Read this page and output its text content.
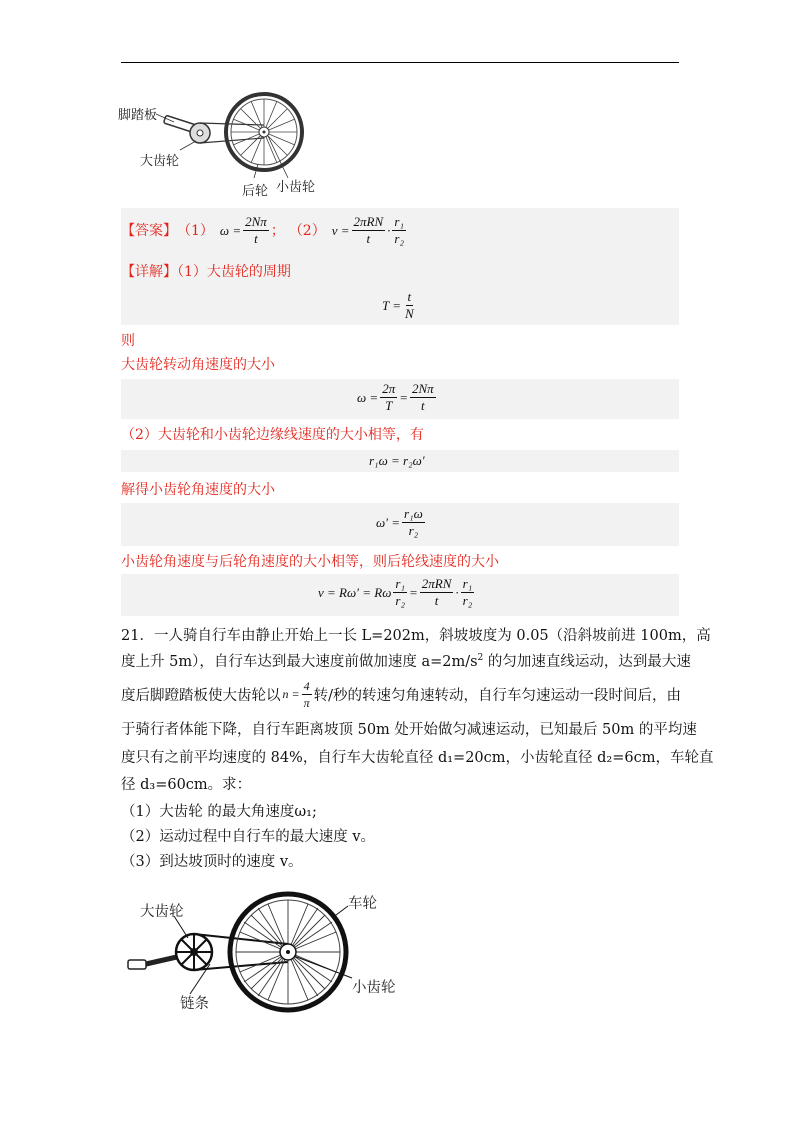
脚踏板
大齿轮
后轮 小齿轮
【答案】 （1） $\omega = \frac{2N\pi}{t}$ ； （2） $v = \frac{\text{2πRN}}{t} \cdot \frac{\text{r₁}}{\text{r₂}}$
【详解】（1）大齿轮的周期
$T = \frac{t}{N}$
则
大齿轮转动角速度的大小
$\omega = \frac{2\pi}{T} = \frac{2N\pi}{t}$
（2）大齿轮和小齿轮边缘线速度的大小相等，有
r₁ω = r₂ω′
解得小齿轮角速度的大小
$\omega' = \frac{\text{r₁ω}}{\text{r₂}}$
小齿轮角速度与后轮角速度的大小相等，则后轮线速度的大小
v = Rω′ = Rω $\frac{\text{r₁}}{\text{r₂}} = \frac{\text{2πRN}}{t} \cdot \frac{\text{r₁}}{\text{r₂}}$
21．一人骑自行车由静止开始上一长 L=202m，斜坡坡度为 0.05（沿斜坡前进 100m，高
度上升 5m），自行车达到最大速度前做加速度 $a=2m/s^2$ 的匀加速直线运动，达到最大速
度后脚蹬踏板使大齿轮以 $n = \frac{4}{\pi}$ 转/秒的转速匀角速转动，自行车匀速运动一段时间后，由
于骑行者体能下降，自行车距离坡顶 50m 处开始做匀减速运动，已知最后 50m 的平均速
度只有之前平均速度的 84%，自行车大齿轮直径 d₁=20cm，小齿轮直径 d₂=6cm，车轮直
径 d₃=60cm。求：
（1）大齿轮 的最大角速度ω₁;
（2）运动过程中自行车的最大速度 v。
（3）到达坡顶时的速度 v。
大齿轮	车轮
小齿轮
链条
